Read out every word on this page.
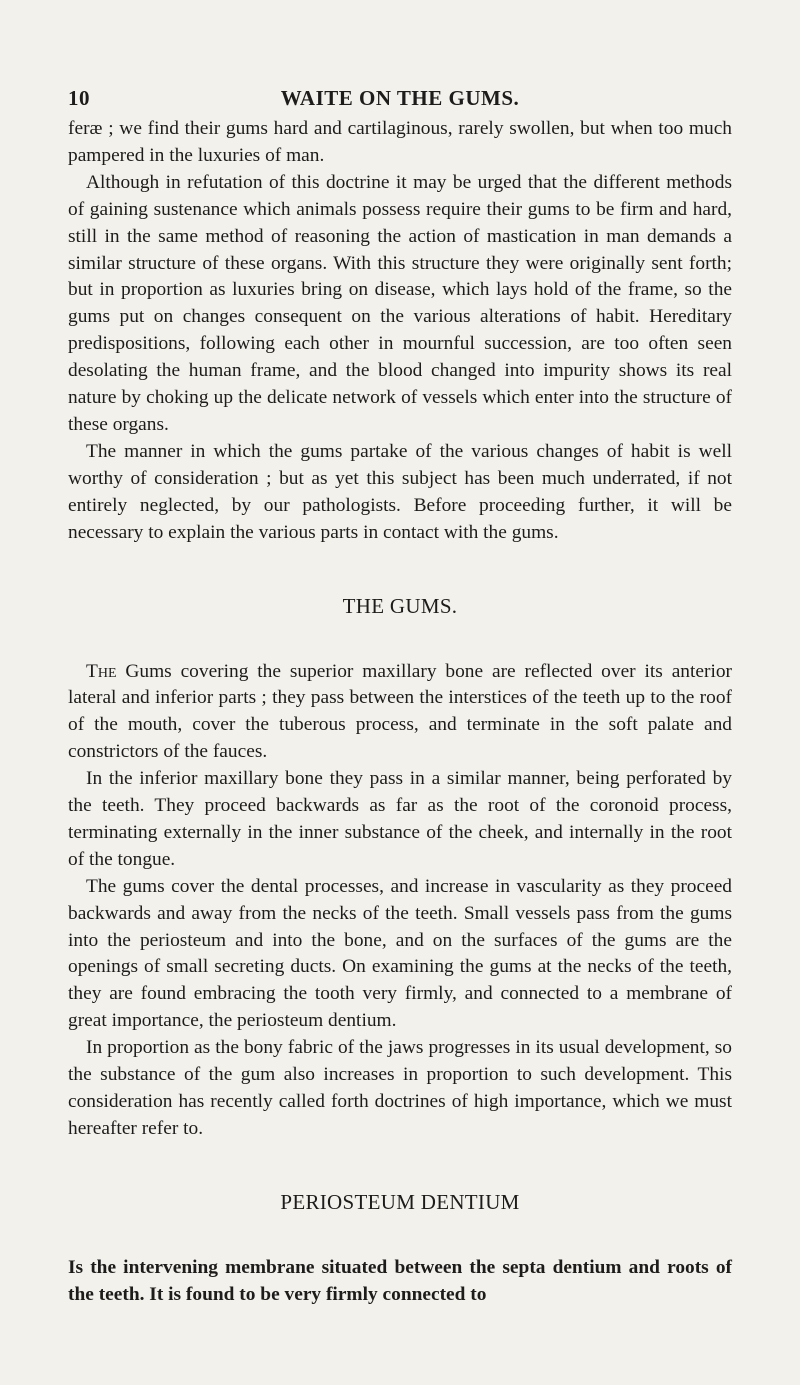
10	WAITE ON THE GUMS.

feræ ; we find their gums hard and cartilaginous, rarely swollen, but when too much pampered in the luxuries of man.

Although in refutation of this doctrine it may be urged that the different methods of gaining sustenance which animals possess require their gums to be firm and hard, still in the same method of reasoning the action of mastication in man demands a similar structure of these organs. With this structure they were originally sent forth; but in proportion as luxuries bring on disease, which lays hold of the frame, so the gums put on changes consequent on the various alterations of habit. Hereditary predispositions, following each other in mournful succession, are too often seen desolating the human frame, and the blood changed into impurity shows its real nature by choking up the delicate network of vessels which enter into the structure of these organs.

The manner in which the gums partake of the various changes of habit is well worthy of consideration ; but as yet this subject has been much underrated, if not entirely neglected, by our pathologists. Before proceeding further, it will be necessary to explain the various parts in contact with the gums.

THE GUMS.

The Gums covering the superior maxillary bone are reflected over its anterior lateral and inferior parts ; they pass between the interstices of the teeth up to the roof of the mouth, cover the tuberous process, and terminate in the soft palate and constrictors of the fauces.

In the inferior maxillary bone they pass in a similar manner, being perforated by the teeth. They proceed backwards as far as the root of the coronoid process, terminating externally in the inner substance of the cheek, and internally in the root of the tongue.

The gums cover the dental processes, and increase in vascularity as they proceed backwards and away from the necks of the teeth. Small vessels pass from the gums into the periosteum and into the bone, and on the surfaces of the gums are the openings of small secreting ducts. On examining the gums at the necks of the teeth, they are found embracing the tooth very firmly, and connected to a membrane of great importance, the periosteum dentium.

In proportion as the bony fabric of the jaws progresses in its usual development, so the substance of the gum also increases in proportion to such development. This consideration has recently called forth doctrines of high importance, which we must hereafter refer to.

PERIOSTEUM DENTIUM

Is the intervening membrane situated between the septa dentium and roots of the teeth. It is found to be very firmly connected to
